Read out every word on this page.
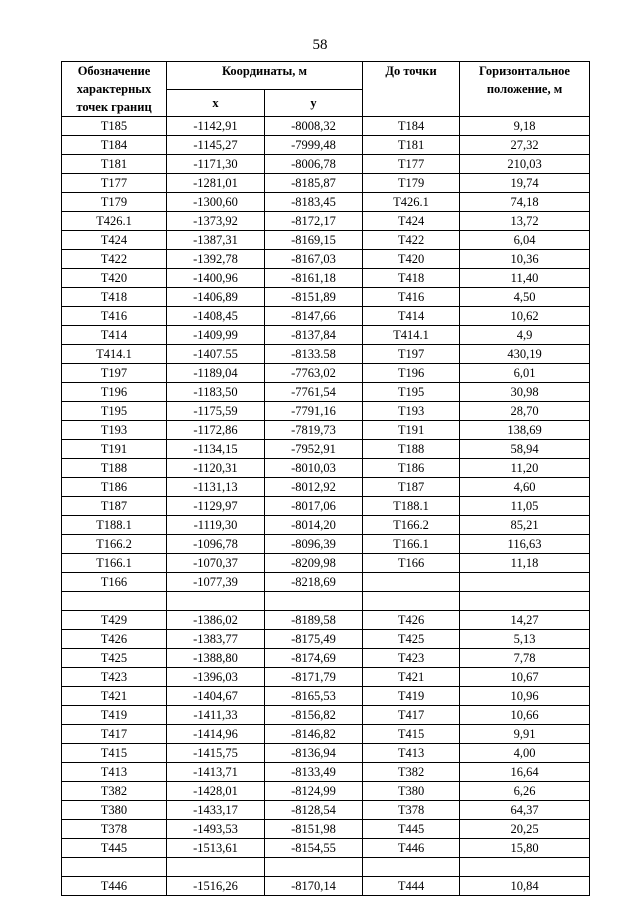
58
Обозначение характерных точек границ	Координаты, м		До точки	Горизонтальное положение, м
	x	y		
Т185	-1142,91	-8008,32	Т184	9,18
Т184	-1145,27	-7999,48	Т181	27,32
Т181	-1171,30	-8006,78	Т177	210,03
Т177	-1281,01	-8185,87	Т179	19,74
Т179	-1300,60	-8183,45	Т426.1	74,18
Т426.1	-1373,92	-8172,17	Т424	13,72
Т424	-1387,31	-8169,15	Т422	6,04
Т422	-1392,78	-8167,03	Т420	10,36
Т420	-1400,96	-8161,18	Т418	11,40
Т418	-1406,89	-8151,89	Т416	4,50
Т416	-1408,45	-8147,66	Т414	10,62
Т414	-1409,99	-8137,84	Т414.1	4,9
Т414.1	-1407.55	-8133.58	Т197	430,19
Т197	-1189,04	-7763,02	Т196	6,01
Т196	-1183,50	-7761,54	Т195	30,98
Т195	-1175,59	-7791,16	Т193	28,70
Т193	-1172,86	-7819,73	Т191	138,69
Т191	-1134,15	-7952,91	Т188	58,94
Т188	-1120,31	-8010,03	Т186	11,20
Т186	-1131,13	-8012,92	Т187	4,60
Т187	-1129,97	-8017,06	Т188.1	11,05
Т188.1	-1119,30	-8014,20	Т166.2	85,21
Т166.2	-1096,78	-8096,39	Т166.1	116,63
Т166.1	-1070,37	-8209,98	Т166	11,18
Т166	-1077,39	-8218,69		

Т429	-1386,02	-8189,58	Т426	14,27
Т426	-1383,77	-8175,49	Т425	5,13
Т425	-1388,80	-8174,69	Т423	7,78
Т423	-1396,03	-8171,79	Т421	10,67
Т421	-1404,67	-8165,53	Т419	10,96
Т419	-1411,33	-8156,82	Т417	10,66
Т417	-1414,96	-8146,82	Т415	9,91
Т415	-1415,75	-8136,94	Т413	4,00
Т413	-1413,71	-8133,49	Т382	16,64
Т382	-1428,01	-8124,99	Т380	6,26
Т380	-1433,17	-8128,54	Т378	64,37
Т378	-1493,53	-8151,98	Т445	20,25
Т445	-1513,61	-8154,55	Т446	15,80

Т446	-1516,26	-8170,14	Т444	10,84
